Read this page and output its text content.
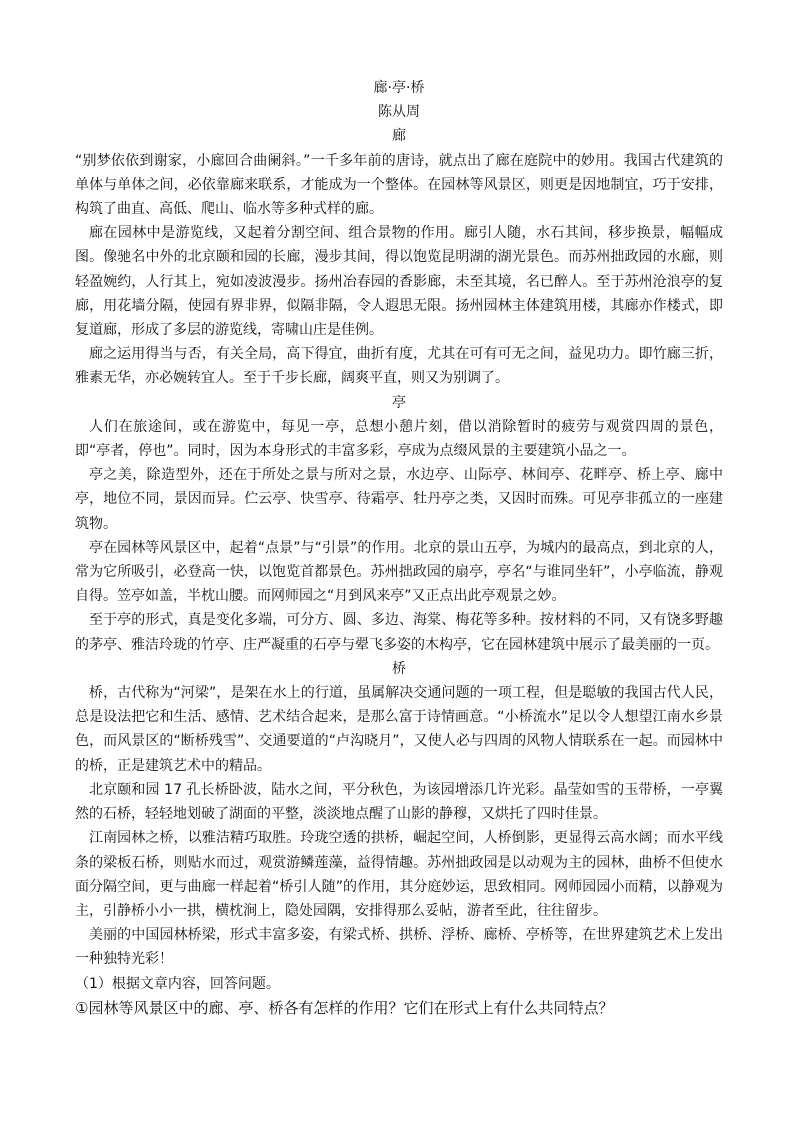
廊·亭·桥

陈从周

廊

“别梦依依到谢家，小廊回合曲阑斜。”一千多年前的唐诗，就点出了廊在庭院中的妙用。我国古代建筑的单体与单体之间，必依靠廊来联系，才能成为一个整体。在园林等风景区，则更是因地制宜，巧于安排，构筑了曲直、高低、爬山、临水等多种式样的廊。

廊在园林中是游览线，又起着分割空间、组合景物的作用。廊引人随，水石其间，移步换景，幅幅成图。像驰名中外的北京颐和园的长廊，漫步其间，得以饱览昆明湖的湖光景色。而苏州拙政园的水廊，则轻盈婉约，人行其上，宛如凌波漫步。扬州冶春园的香影廊，未至其境，名已醉人。至于苏州沧浪亭的复廊，用花墙分隔，使园有界非界，似隔非隔，令人遐思无限。扬州园林主体建筑用楼，其廊亦作楼式，即复道廊，形成了多层的游览线，寄啸山庄是佳例。

廊之运用得当与否，有关全局，高下得宜，曲折有度，尤其在可有可无之间，益见功力。即竹廊三折，雅素无华，亦必婉转宜人。至于千步长廊，阔爽平直，则又为别调了。

亭

人们在旅途间，或在游览中，每见一亭，总想小憩片刻，借以消除暂时的疲劳与观赏四周的景色，即“亭者，停也”。同时，因为本身形式的丰富多彩，亭成为点缀风景的主要建筑小品之一。

亭之美，除造型外，还在于所处之景与所对之景，水边亭、山际亭、林间亭、花畔亭、桥上亭、廊中亭，地位不同，景因而异。伫云亭、快雪亭、待霜亭、牡丹亭之类，又因时而殊。可见亭非孤立的一座建筑物。

亭在园林等风景区中，起着“点景”与“引景”的作用。北京的景山五亭，为城内的最高点，到北京的人，常为它所吸引，必登高一快，以饱览首都景色。苏州拙政园的扇亭，亭名“与谁同坐轩”，小亭临流，静观自得。笠亭如盖，半枕山腰。而网师园之“月到风来亭”又正点出此亭观景之妙。

至于亭的形式，真是变化多端，可分方、圆、多边、海棠、梅花等多种。按材料的不同，又有饶多野趣的茅亭、雅洁玲珑的竹亭、庄严凝重的石亭与翚飞多姿的木构亭，它在园林建筑中展示了最美丽的一页。

桥

桥，古代称为“河梁”，是架在水上的行道，虽属解决交通问题的一项工程，但是聪敏的我国古代人民，总是设法把它和生活、感情、艺术结合起来，是那么富于诗情画意。“小桥流水”足以令人想望江南水乡景色，而风景区的“断桥残雪”、交通要道的“卢沟晓月”，又使人必与四周的风物人情联系在一起。而园林中的桥，正是建筑艺术中的精品。

北京颐和园 17 孔长桥卧波，陆水之间，平分秋色，为该园增添几许光彩。晶莹如雪的玉带桥，一亭翼然的石桥，轻轻地划破了湖面的平整，淡淡地点醒了山影的静穆，又烘托了四时佳景。

江南园林之桥，以雅洁精巧取胜。玲珑空透的拱桥，崛起空间，人桥倒影，更显得云高水阔；而水平线条的梁板石桥，则贴水而过，观赏游鳞莲藻，益得情趣。苏州拙政园是以动观为主的园林，曲桥不但使水面分隔空间，更与曲廊一样起着“桥引人随”的作用，其分庭妙运，思致相同。网师园园小而精，以静观为主，引静桥小小一拱，横枕涧上，隐处园隅，安排得那么妥帖，游者至此，往往留步。

美丽的中国园林桥梁，形式丰富多姿，有梁式桥、拱桥、浮桥、廊桥、亭桥等，在世界建筑艺术上发出一种独特光彩！

（1）根据文章内容，回答问题。

①园林等风景区中的廊、亭、桥各有怎样的作用？它们在形式上有什么共同特点？
